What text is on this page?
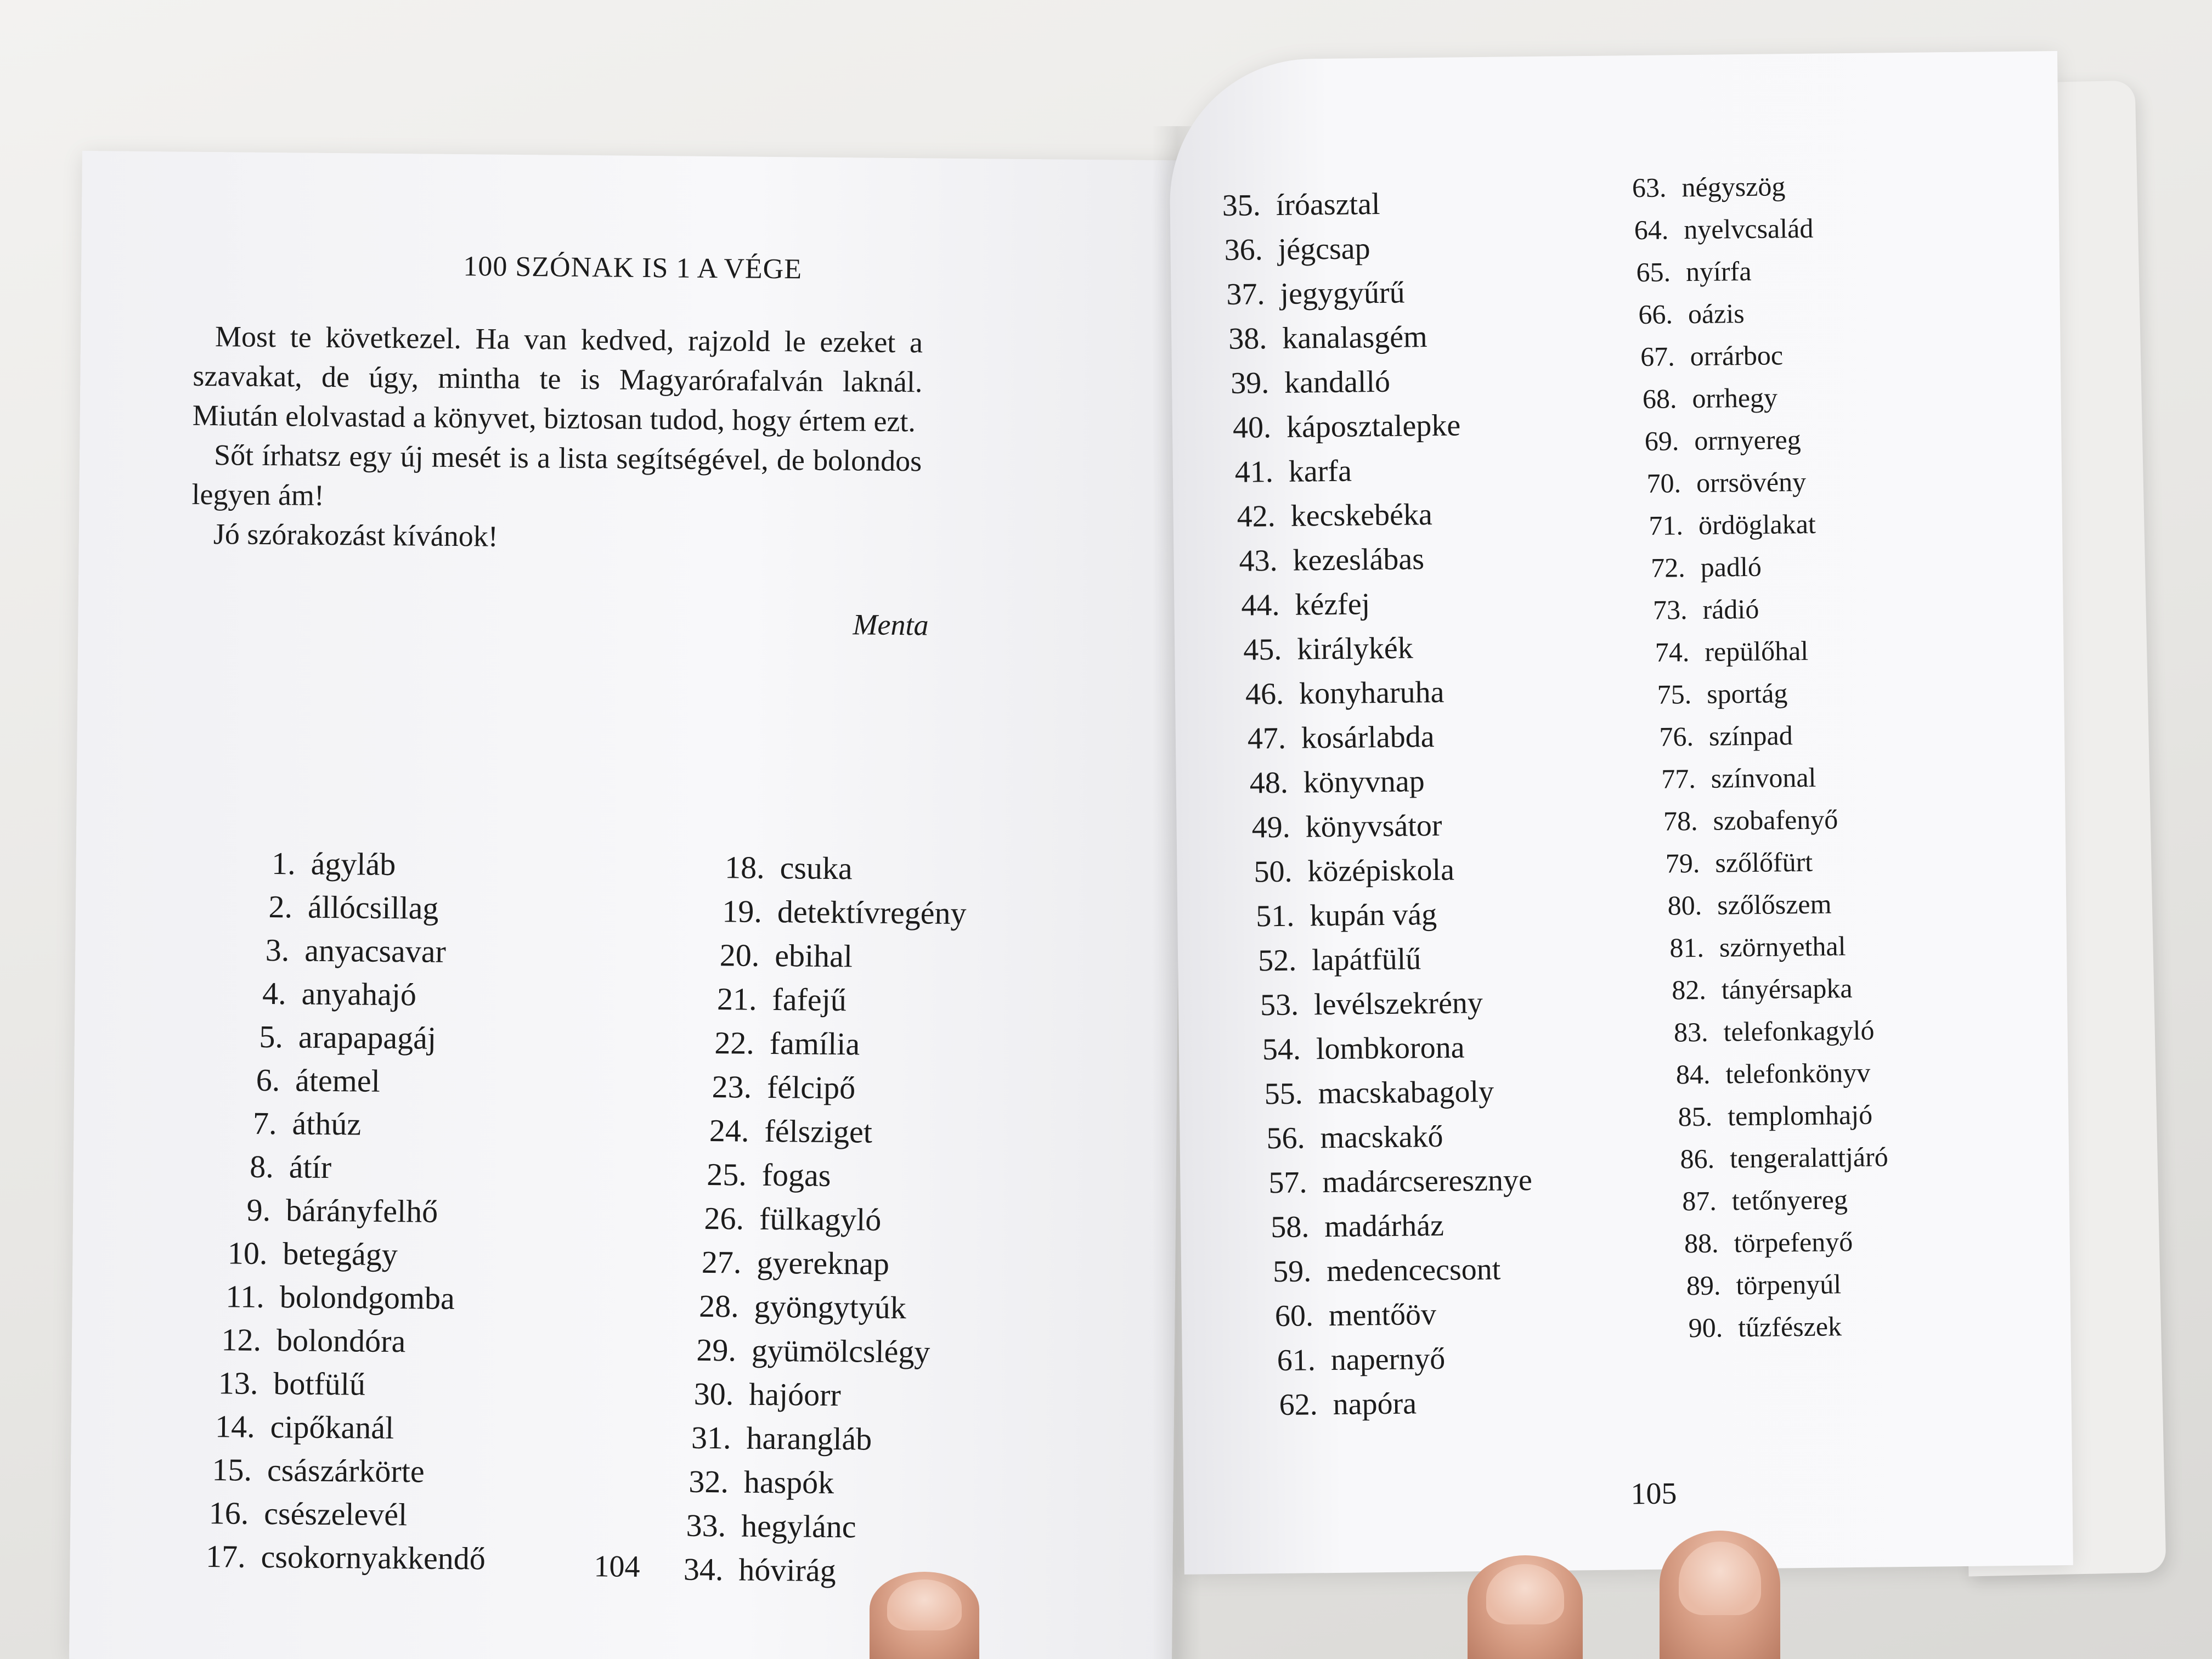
100 SZÓNAK IS 1 A VÉGE

Most te következel. Ha van kedved, rajzold le ezeket a szavakat, de úgy, mintha te is Magyarórafalván laknál. Miután elolvastad a könyvet, biztosan tudod, hogy értem ezt.

Sőt írhatsz egy új mesét is a lista segítségével, de bolondos legyen ám!

Jó szórakozást kívánok!

Menta
1. ágyláb
2. állócsillag
3. anyacsavar
4. anyahajó
5. arapapagáj
6. átemel
7. áthúz
8. átír
9. bárányfelhő
10. betegágy
11. bolondgomba
12. bolondóra
13. botfülű
14. cipőkanál
15. császárkörte
16. csészelevél
17. csokornyakkendő
18. csuka
19. detektívregény
20. ebihal
21. fafejű
22. família
23. félcipő
24. félsziget
25. fogas
26. fülkagyló
27. gyereknap
28. gyöngytyúk
29. gyümölcslégy
30. hajóorr
31. harangláb
32. haspók
33. hegylánc
34. hóvirág
104
35. íróasztal
36. jégcsap
37. jegygyűrű
38. kanalasgém
39. kandalló
40. káposztalepke
41. karfa
42. kecskebéka
43. kezeslábas
44. kézfej
45. királykék
46. konyharuha
47. kosárlabda
48. könyvnap
49. könyvsátor
50. középiskola
51. kupán vág
52. lapátfülű
53. levélszekrény
54. lombkorona
55. macskabagoly
56. macskakő
57. madárcseresznye
58. madárház
59. medencecsont
60. mentőöv
61. napernyő
62. napóra
63. négyszög
64. nyelvcsalád
65. nyírfa
66. oázis
67. orrárboc
68. orrhegy
69. orrnyereg
70. orrsövény
71. ördöglakat
72. padló
73. rádió
74. repülőhal
75. sportág
76. színpad
77. színvonal
78. szobafenyő
79. szőlőfürt
80. szőlőszem
81. szörnyethal
82. tányérsapka
83. telefonkagyló
84. telefonkönyv
85. templomhajó
86. tengeralattjáró
87. tetőnyereg
88. törpefenyő
89. törpenyúl
90. tűzfészek
105
